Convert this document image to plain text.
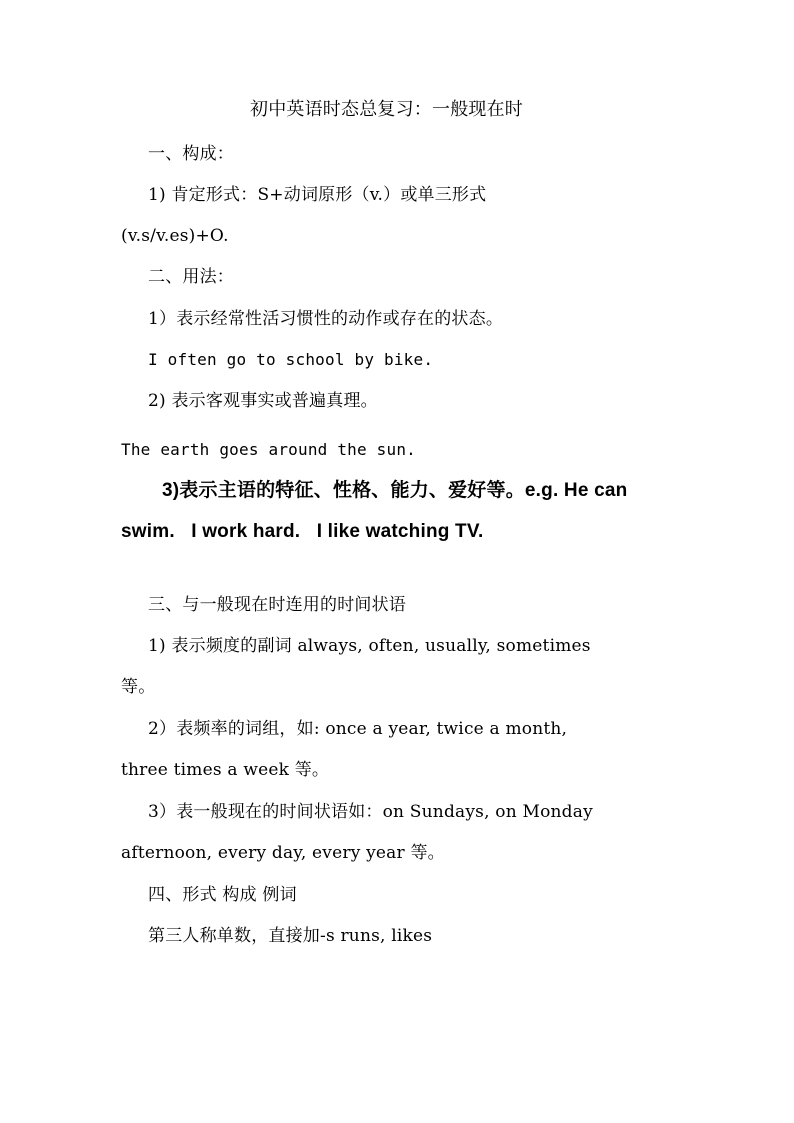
初中英语时态总复习：一般现在时
一、构成：
1) 肯定形式：S+动词原形（v.）或单三形式
(v.s/v.es)+O.
二、用法：
1）表示经常性活习惯性的动作或存在的状态。
I often go to school by bike.
2) 表示客观事实或普遍真理。
The earth goes around the sun.
3)表示主语的特征、性格、能力、爱好等。e.g. He can
swim.   I work hard.   I like watching TV.
三、与一般现在时连用的时间状语
1) 表示频度的副词 always, often, usually, sometimes
等。
2）表频率的词组，如: once a year, twice a month,
three times a week 等。
3）表一般现在的时间状语如：on Sundays, on Monday
afternoon, every day, every year 等。
四、形式 构成 例词
第三人称单数，直接加-s runs, likes
